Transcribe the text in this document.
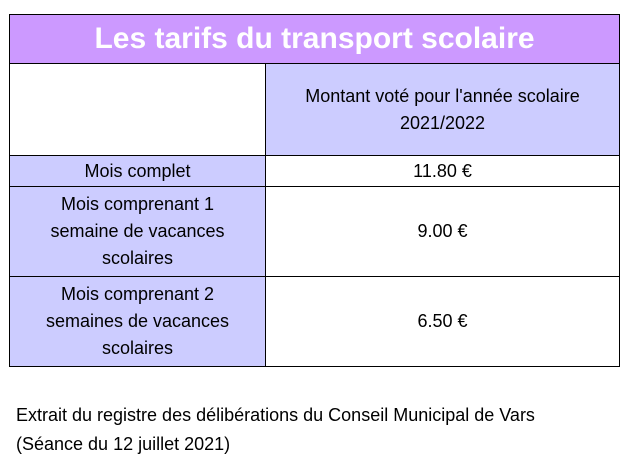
Les tarifs du transport scolaire	

	Montant voté pour l'année scolaire
2021/2022

Mois complet	11.80 €

Mois comprenant 1
semaine de vacances
scolaires	9.00 €

Mois comprenant 2
semaines de vacances
scolaires	6.50 €
Extrait du registre des délibérations du Conseil Municipal de Vars
(Séance du 12 juillet 2021)
